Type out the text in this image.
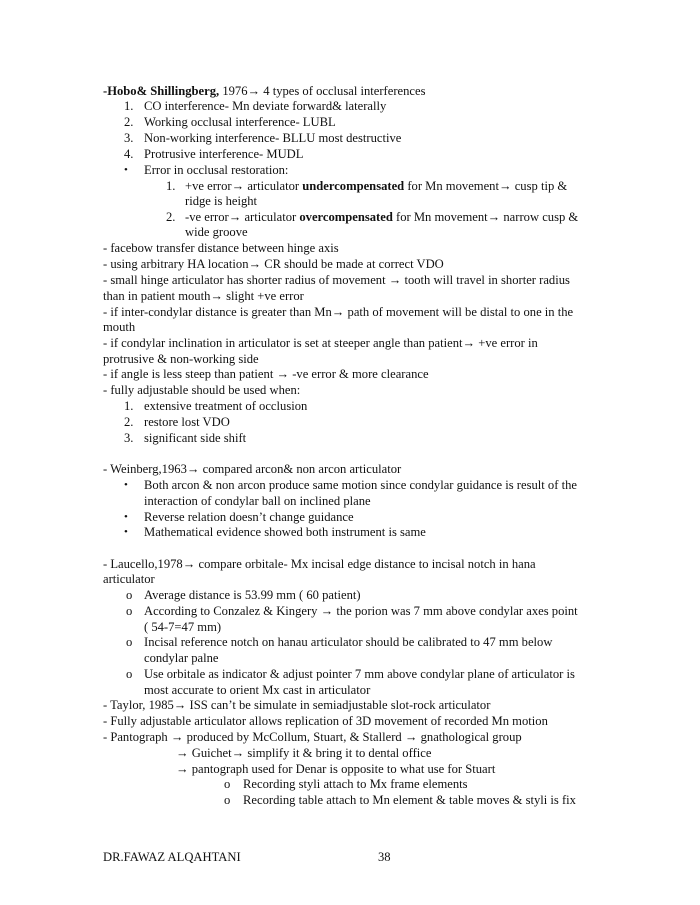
-Hobo& Shillingberg, 1976→ 4 types of occlusal interferences
1. CO interference- Mn deviate forward& laterally
2. Working occlusal interference- LUBL
3. Non-working interference- BLLU most destructive
4. Protrusive interference- MUDL
• Error in occlusal restoration:
1. +ve error→ articulator undercompensated for Mn movement→ cusp tip &
ridge is height
2. -ve error→ articulator overcompensated for Mn movement→ narrow cusp &
wide groove
- facebow transfer distance between hinge axis
- using arbitrary HA location→ CR should be made at correct VDO
- small hinge articulator has shorter radius of movement → tooth will travel in shorter radius
than in patient mouth→ slight +ve error
- if inter-condylar distance is greater than Mn→ path of movement will be distal to one in the
mouth
- if condylar inclination in articulator is set at steeper angle than patient→ +ve error in
protrusive & non-working side
- if angle is less steep than patient → -ve error & more clearance
- fully adjustable should be used when:
1. extensive treatment of occlusion
2. restore lost VDO
3. significant side shift
- Weinberg,1963→ compared arcon& non arcon articulator
• Both arcon & non arcon produce same motion since condylar guidance is result of the
interaction of condylar ball on inclined plane
• Reverse relation doesn’t change guidance
• Mathematical evidence showed both instrument is same
- Laucello,1978→ compare orbitale- Mx incisal edge distance to incisal notch in hana
articulator
o Average distance is 53.99 mm ( 60 patient)
o According to Conzalez & Kingery → the porion was 7 mm above condylar axes point
( 54-7=47 mm)
o Incisal reference notch on hanau articulator should be calibrated to 47 mm below
condylar palne
o Use orbitale as indicator & adjust pointer 7 mm above condylar plane of articulator is
most accurate to orient Mx cast in articulator
- Taylor, 1985→ ISS can’t be simulate in semiadjustable slot-rock articulator
- Fully adjustable articulator allows replication of 3D movement of recorded Mn motion
- Pantograph → produced by McCollum, Stuart, & Stallerd → gnathological group
→ Guichet→ simplify it & bring it to dental office
→ pantograph used for Denar is opposite to what use for Stuart
o Recording styli attach to Mx frame elements
o Recording table attach to Mn element & table moves & styli is fix
DR.FAWAZ ALQAHTANI	38
